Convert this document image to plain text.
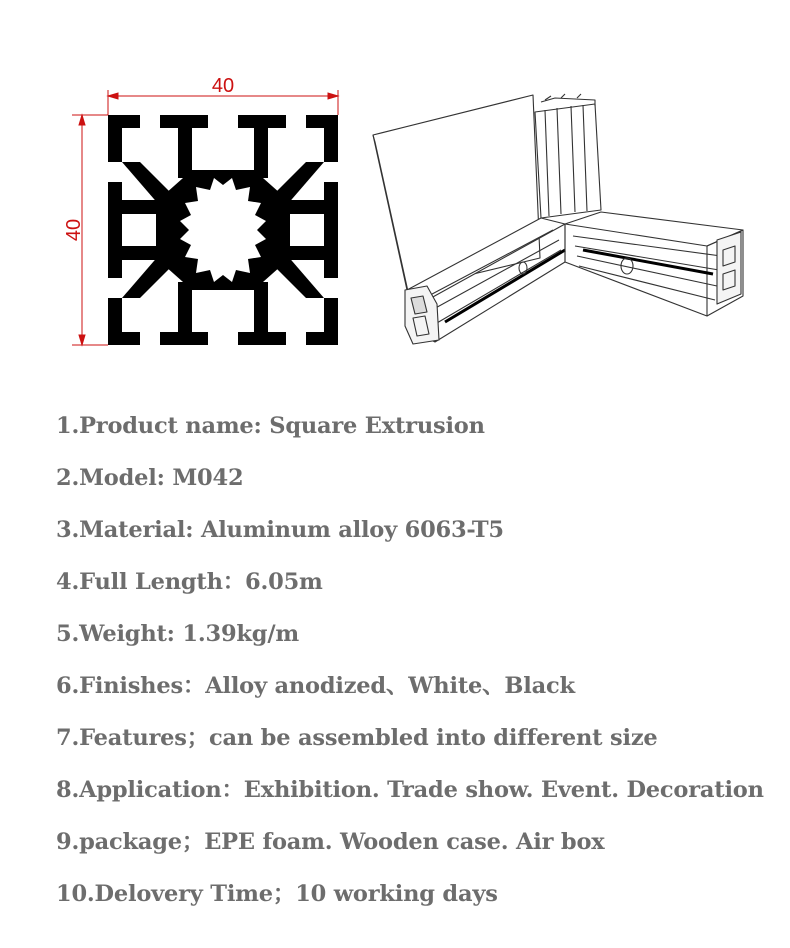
40
40
1.Product name: Square Extrusion
2.Model: M042
3.Material: Aluminum alloy 6063-T5
4.Full Length：6.05m
5.Weight: 1.39kg/m
6.Finishes：Alloy anodized、White、Black
7.Features；can be assembled into different size
8.Application：Exhibition. Trade show. Event. Decoration
9.package；EPE foam. Wooden case. Air box
10.Delovery Time；10 working days
